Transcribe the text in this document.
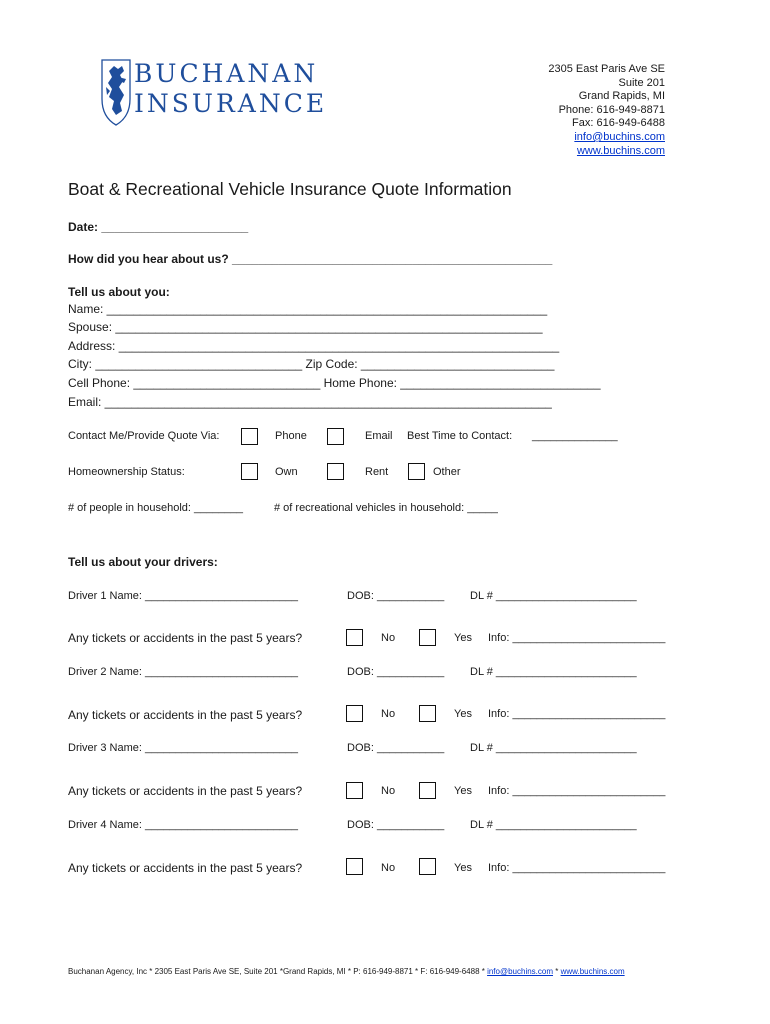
BUCHANAN
INSURANCE
2305 East Paris Ave SE
Suite 201
Grand Rapids, MI
Phone: 616-949-8871
Fax: 616-949-6488
info@buchins.com
www.buchins.com
Boat & Recreational Vehicle Insurance Quote Information
Date: ______________________
How did you hear about us? ________________________________________________
Tell us about you:
Name: __________________________________________________________________
Spouse: ________________________________________________________________
Address: __________________________________________________________________
City: _______________________________ Zip Code: _____________________________
Cell Phone: ____________________________ Home Phone: ______________________________
Email: ___________________________________________________________________
Contact Me/Provide Quote Via:	Phone	Email Best Time to Contact: ______________
Homeownership Status:	Own	Rent	Other
# of people in household: ________	# of recreational vehicles in household: _____
Tell us about your drivers:
Driver 1 Name: _________________________	DOB: ___________ DL # _______________________
Any tickets or accidents in the past 5 years?	No	Yes Info: _________________________
Driver 2 Name: _________________________	DOB: ___________ DL # _______________________
Any tickets or accidents in the past 5 years?	No	Yes Info: _________________________
Driver 3 Name: _________________________	DOB: ___________ DL # _______________________
Any tickets or accidents in the past 5 years?	No	Yes Info: _________________________
Driver 4 Name: _________________________	DOB: ___________ DL # _______________________
Any tickets or accidents in the past 5 years?	No	Yes Info: _________________________
Buchanan Agency, Inc * 2305 East Paris Ave SE, Suite 201 *Grand Rapids, MI * P: 616-949-8871 * F: 616-949-6488 * info@buchins.com * www.buchins.com
